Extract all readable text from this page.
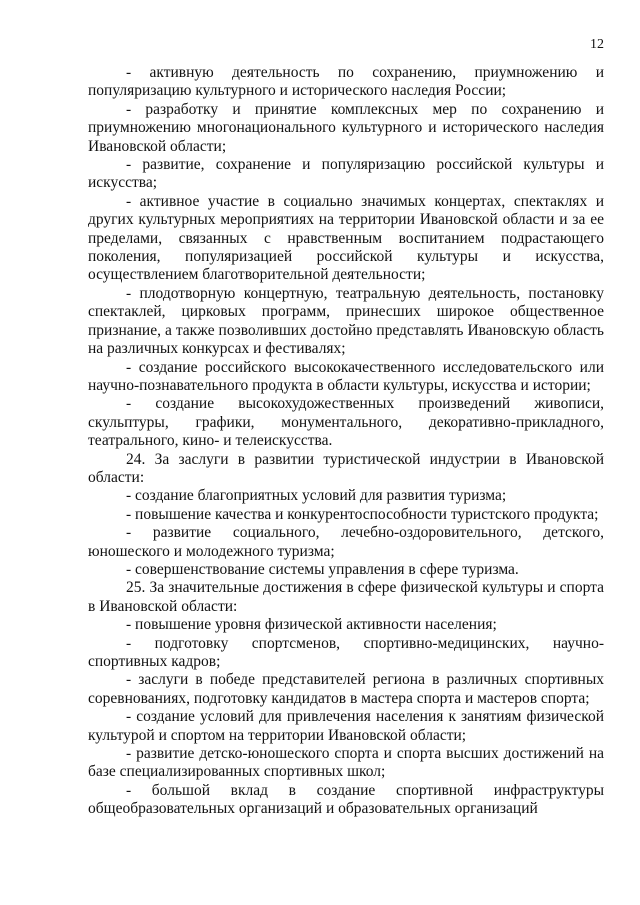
12

- активную деятельность по сохранению, приумножению и популяризацию культурного и исторического наследия России;

- разработку и принятие комплексных мер по сохранению и приумножению многонационального культурного и исторического наследия Ивановской области;

- развитие, сохранение и популяризацию российской культуры и искусства;

- активное участие в социально значимых концертах, спектаклях и других культурных мероприятиях на территории Ивановской области и за ее пределами, связанных с нравственным воспитанием подрастающего поколения, популяризацией российской культуры и искусства, осуществлением благотворительной деятельности;

- плодотворную концертную, театральную деятельность, постановку спектаклей, цирковых программ, принесших широкое общественное признание, а также позволивших достойно представлять Ивановскую область на различных конкурсах и фестивалях;

- создание российского высококачественного исследовательского или научно-познавательного продукта в области культуры, искусства и истории;

- создание высокохудожественных произведений живописи, скульптуры, графики, монументального, декоративно-прикладного, театрального, кино- и телеискусства.

24. За заслуги в развитии туристической индустрии в Ивановской области:

- создание благоприятных условий для развития туризма;

- повышение качества и конкурентоспособности туристского продукта;

- развитие социального, лечебно-оздоровительного, детского, юношеского и молодежного туризма;

- совершенствование системы управления в сфере туризма.

25. За значительные достижения в сфере физической культуры и спорта в Ивановской области:

- повышение уровня физической активности населения;

- подготовку спортсменов, спортивно-медицинских, научно-спортивных кадров;

- заслуги в победе представителей региона в различных спортивных соревнованиях, подготовку кандидатов в мастера спорта и мастеров спорта;

- создание условий для привлечения населения к занятиям физической культурой и спортом на территории Ивановской области;

- развитие детско-юношеского спорта и спорта высших достижений на базе специализированных спортивных школ;

- большой вклад в создание спортивной инфраструктуры общеобразовательных организаций и образовательных организаций
